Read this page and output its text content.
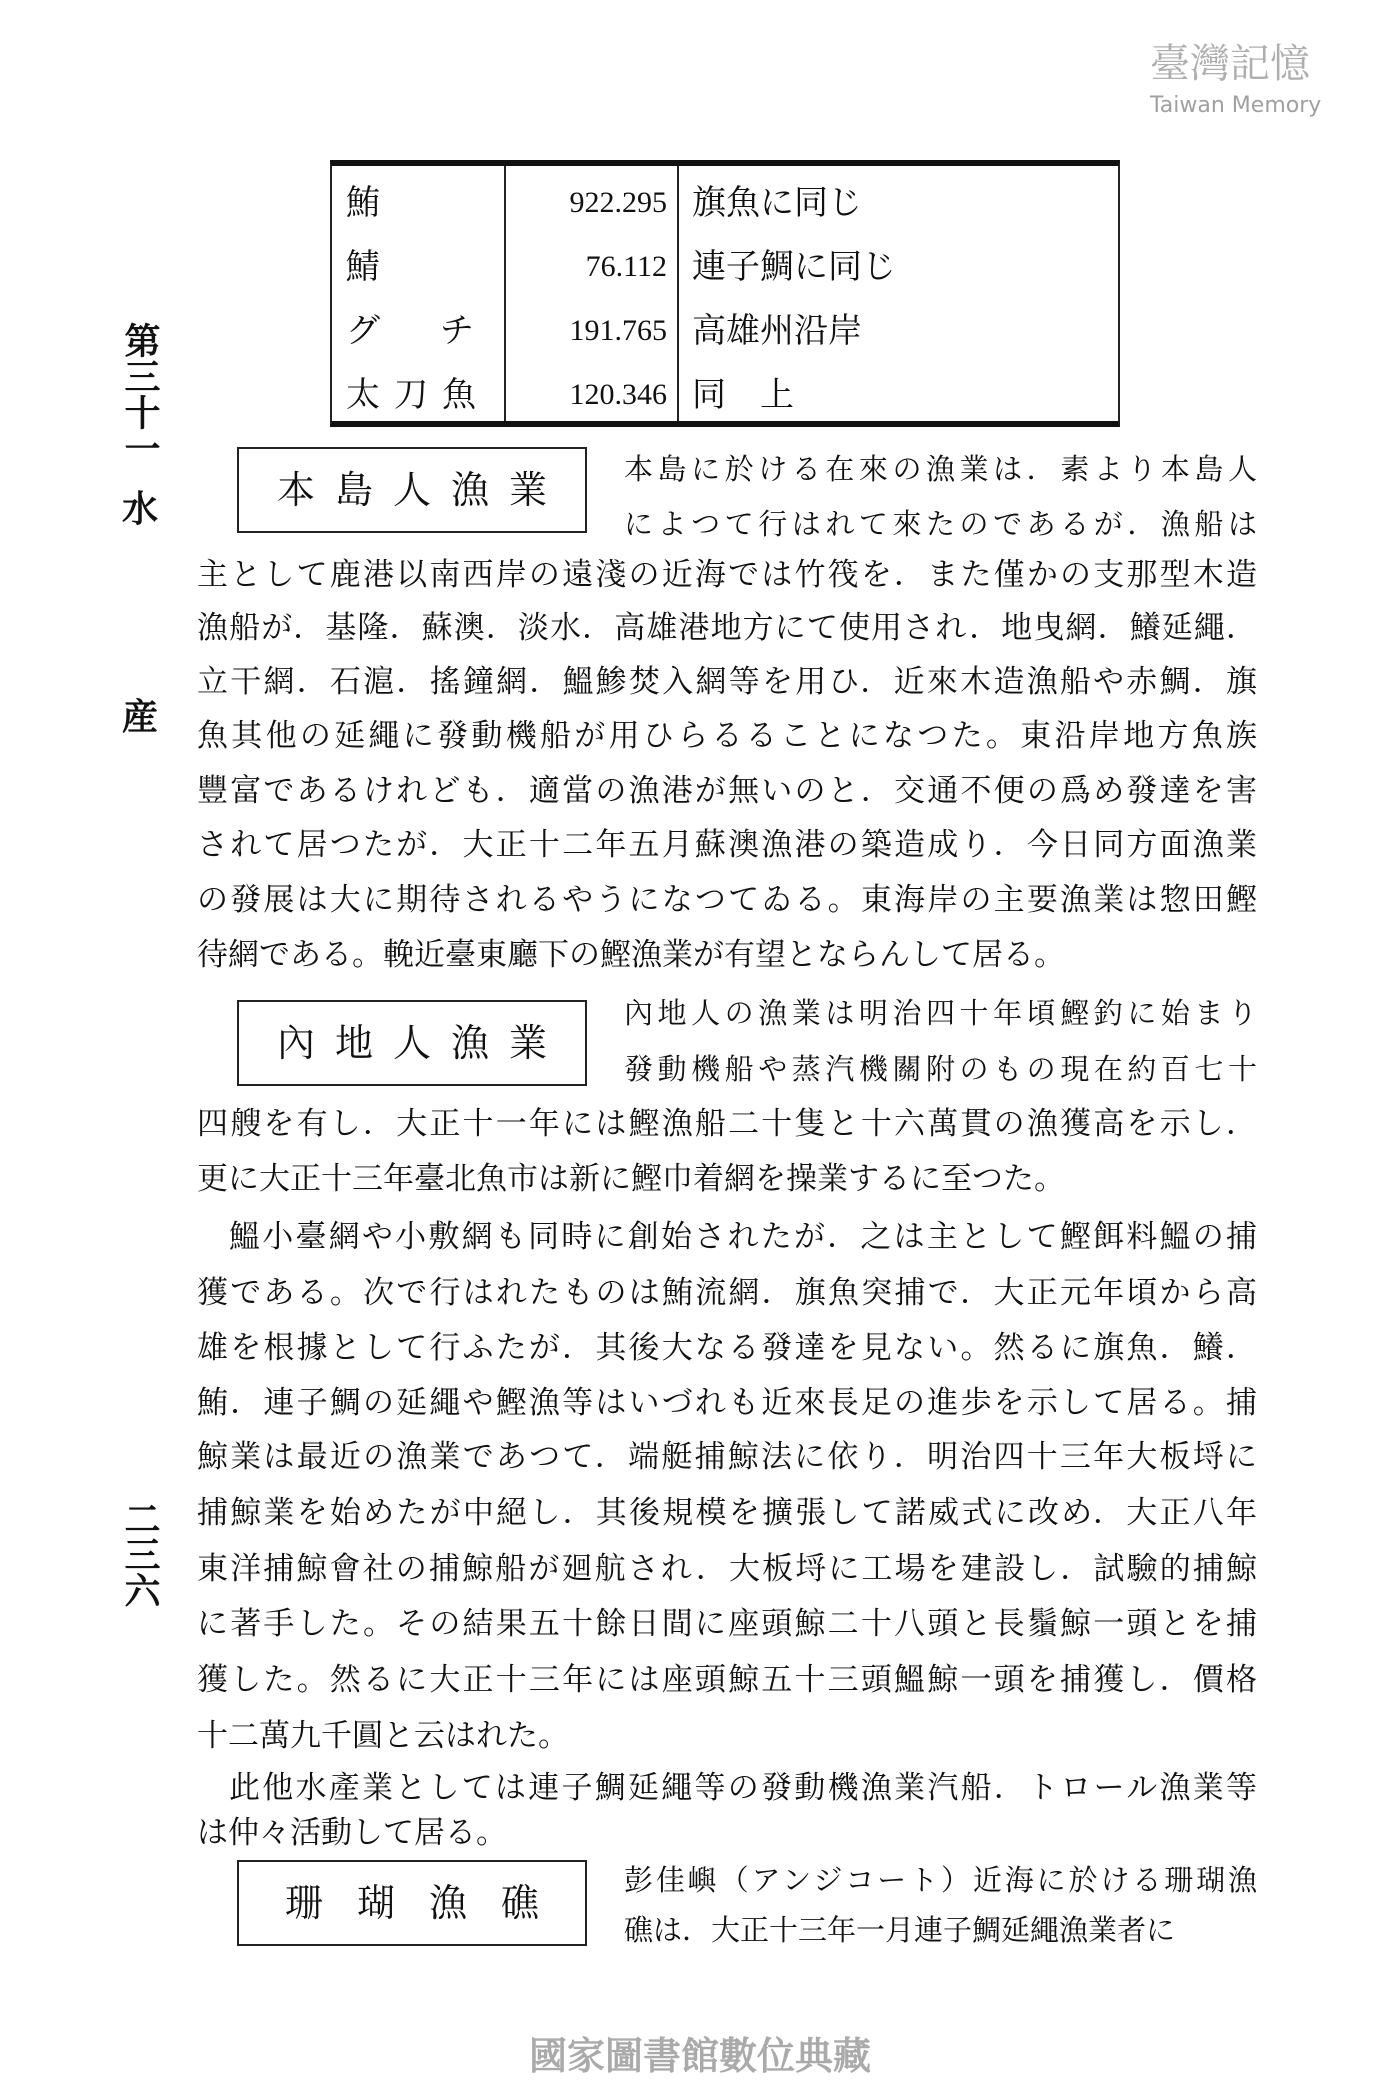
第三十一
水
産
二三六
鮪	922.295 旗魚に同じ
鯖	76.112 連子鯛に同じ
グチ	191.765 高雄州沿岸
太刀魚	120.346 同　上
本島人漁業	本島に於ける在來の漁業は．素より本島人
によつて行はれて來たのであるが．漁船は
主として鹿港以南西岸の遠淺の近海では竹筏を．また僅かの支那型木造
漁船が．基隆．蘇澳．淡水．高雄港地方にて使用され．地曳網．鱶延繩．
立干網．石滬．搖鐘網．鰮鯵焚入網等を用ひ．近來木造漁船や赤鯛．旗
魚其他の延繩に發動機船が用ひらるることになつた。東沿岸地方魚族
豐富であるけれども．適當の漁港が無いのと．交通不便の爲め發達を害
されて居つたが．大正十二年五月蘇澳漁港の築造成り．今日同方面漁業
の發展は大に期待されるやうになつてゐる。東海岸の主要漁業は惣田鰹
待網である。輓近臺東廳下の鰹漁業が有望とならんして居る。
內地人漁業
內地人の漁業は明治四十年頃鰹釣に始まり
發動機船や蒸汽機關附のもの現在約百七十
四艘を有し．大正十一年には鰹漁船二十隻と十六萬貫の漁獲高を示し．
更に大正十三年臺北魚市は新に鰹巾着網を操業するに至つた。
鰮小臺網や小敷網も同時に創始されたが．之は主として鰹餌料鰮の捕
獲である。次で行はれたものは鮪流網．旗魚突捕で．大正元年頃から高
雄を根據として行ふたが．其後大なる發達を見ない。然るに旗魚．鱶．
鮪．連子鯛の延繩や鰹漁等はいづれも近來長足の進歩を示して居る。捕
鯨業は最近の漁業であつて．端艇捕鯨法に依り．明治四十三年大板埒に
捕鯨業を始めたが中絕し．其後規模を擴張して諾威式に改め．大正八年
東洋捕鯨會社の捕鯨船が廻航され．大板埒に工場を建設し．試驗的捕鯨
に著手した。その結果五十餘日間に座頭鯨二十八頭と長鬚鯨一頭とを捕
獲した。然るに大正十三年には座頭鯨五十三頭鰮鯨一頭を捕獲し．價格
十二萬九千圓と云はれた。
此他水產業としては連子鯛延繩等の發動機漁業汽船．トロール漁業等
は仲々活動して居る。
珊瑚漁礁
彭佳嶼（アンジコート）近海に於ける珊瑚漁
礁は．大正十三年一月連子鯛延繩漁業者に
臺灣記憶
Taiwan Memory
國家圖書館數位典藏
